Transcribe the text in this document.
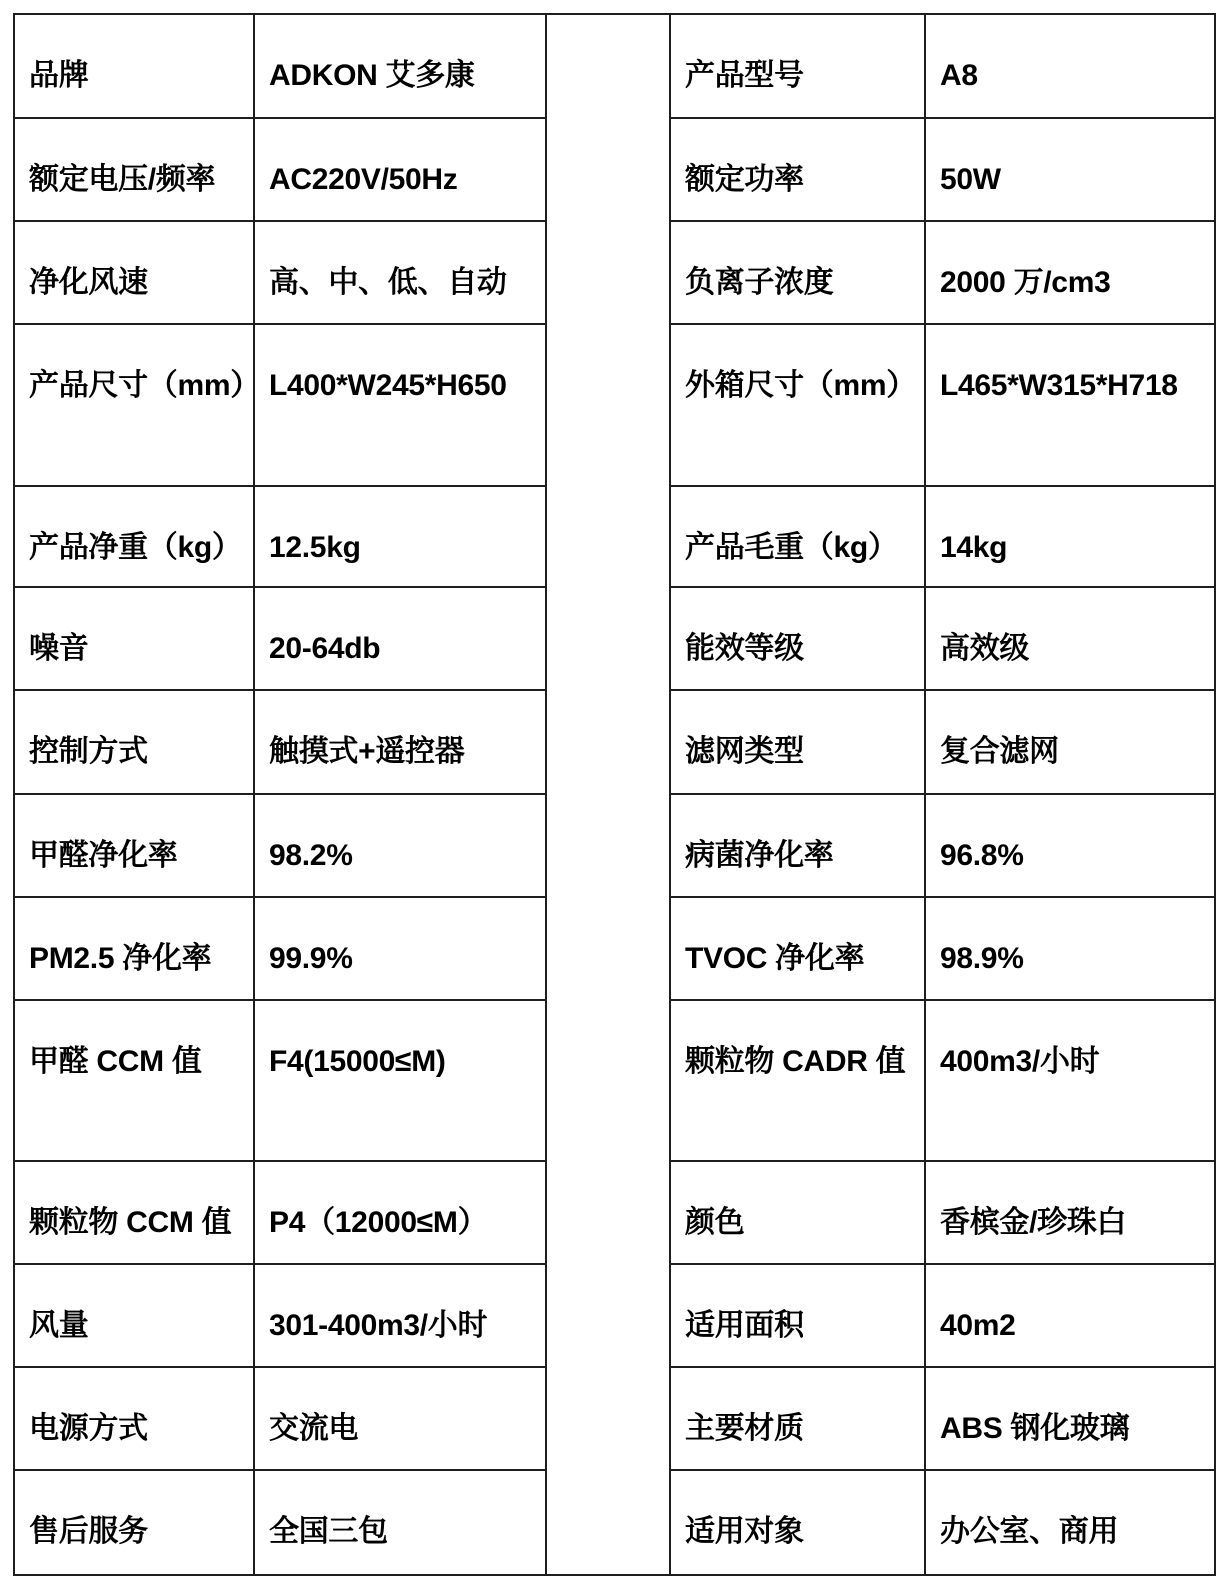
品牌	ADKON 艾多康	产品型号	A8
额定电压/频率	AC220V/50Hz	额定功率	50W
净化风速	高、中、低、自动	负离子浓度	2000 万/cm3
产品尺寸（mm） L400*W245*H650	外箱尺寸（mm） L465*W315*H718
产品净重（kg） 12.5kg	产品毛重（kg）	14kg
噪音	20-64db	能效等级	高效级
控制方式	触摸式+遥控器	滤网类型	复合滤网
甲醛净化率	98.2%	病菌净化率	96.8%
PM2.5 净化率	99.9%	TVOC 净化率	98.9%
甲醛 CCM 值	F4(15000≤M)	颗粒物 CADR 值	400m3/小时
颗粒物 CCM 值	P4（12000≤M）	颜色	香槟金/珍珠白
风量	301-400m3/小时	适用面积	40m2
电源方式	交流电	主要材质	ABS 钢化玻璃
售后服务	全国三包	适用对象	办公室、商用
